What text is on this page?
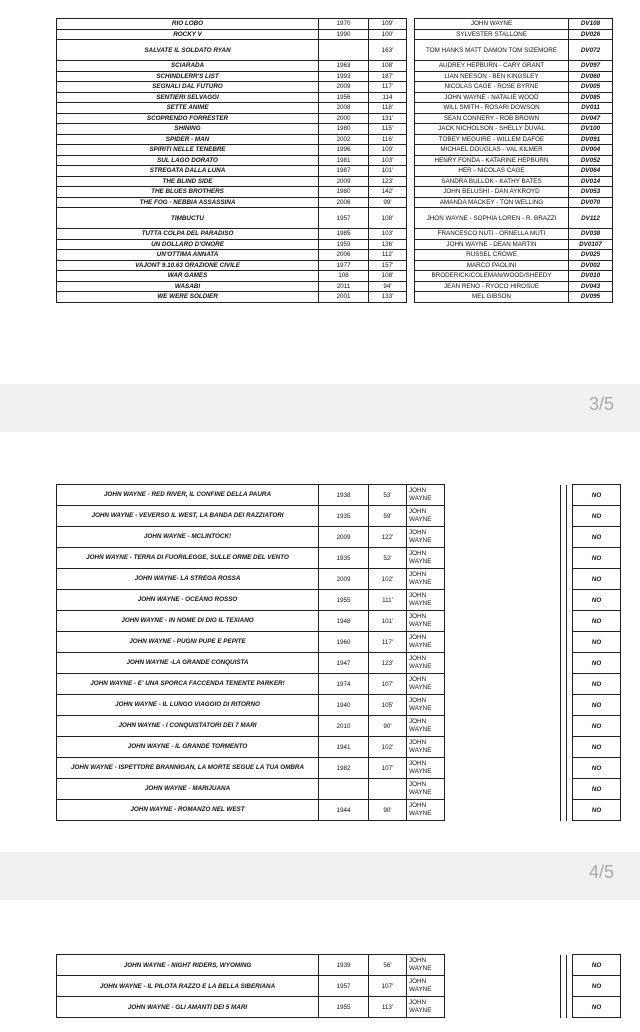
3/5
4/5
RIO LOBO	1970	109'		JOHN WAYNE	DV108
ROCKY V	1990	100'		SYLVESTER STALLONE	DV026
SALVATE IL SOLDATO RYAN		163'		TOM HANKS MATT DAMON TOM SIZEMORE	DV072
SCIARADA	1963	108'		AUDREY HEPBURN - CARY GRANT	DV097
SCHINDLERR'S LIST	1993	187'		LIAN NEESON - BEN KINGSLEY	DV060
SEGNALI DAL FUTURO	2009	117'		NICOLAS CAGE - ROSE BYRNE	DV005
SENTIERI SELVAGGI	1956	114		JOHN WAYNE - NATALIE WOOD	DV085
SETTE ANIME	2008	118'		WILL SMITH - ROSARI DOWSON	DV011
SCOPRENDO FORRESTER	2000	131'		SEAN CONNERY - ROB BROWN	DV047
SHINING	1980	115'		JACK NICHOLSON - SHELLY DUVAL	DV100
SPIDER - MAN	2002	116'		TOBEY MEGUIRE - WILLEM DAFOE	DV091
SPIRITI NELLE TENEBRE	1996	109'		MICHAEL DOUGLAS - VAL KILMER	DV004
SUL LAGO DORATO	1981	103'		HENRY FONDA - KATARINE HEPBURN	DV052
STREGATA DALLA LUNA	1987	101'		HER - NICOLAS CAGE	DV064
THE BLIND SIDE	2009	123'		SANDRA BULLOK - KATHY BATES	DV014
THE BLUES BROTHERS	1980	142'		JOHN BELUSHI - DAN AYKROYD	DV053
THE FOG - NEBBIA ASSASSINA	2006	99'		AMANDA MACKEY - TON WELLING	DV070
TIMBUCTU	1957	108'		JHON WAYNE - SOPHIA LOREN - R. BRAZZI	DV112
TUTTA COLPA DEL PARADISO	1985	103'		FRANCESCO NUTI - ORNELLA MUTI	DV038
UN DOLLARO D'ONORE	1959	136'		JOHN WAYNE - DEAN MARTIN	DV0107
UN'OTTIMA ANNATA	2006	112'		RUSSEL CROWE	DV025
VAJONT 9.10.63 ORAZIONE CIVILE	1977	157'		MARCO PAOLINI	DV002
WAR GAMES	108	108'		BRODERICK/COLEMAN/WOOD/SHEEDY	DV010
WASABI	2011	94'		JEAN RENO - RYOCO HIROSUE	DV043
WE WERE SOLDIER	2001	133'		MEL GIBSON	DV095
JOHN WAYNE - RED RIVER, IL CONFINE DELLA PAURA	1938	53'	JOHN WAYNE				NO
JOHN WAYNE - VEVERSO IL WEST, LA BANDA DEI RAZZIATORI	1935	59'	JOHN WAYNE				NO
JOHN WAYNE - MCLINTOCK!	2009	122'	JOHN WAYNE				NO
JOHN WAYNE - TERRA DI FUORILEGGE, SULLE ORME DEL VENTO	1935	52'	JOHN WAYNE				NO
JOHN WAYNE- LA STREGA ROSSA	2009	102'	JOHN WAYNE				NO
JOHN WAYNE - OCEANO ROSSO	1955	111'	JOHN WAYNE				NO
JOHN WAYNE - IN NOME DI DIO IL TEXIANO	1948	101'	JOHN WAYNE				NO
JOHN WAYNE - PUGNI PUPE E PEPITE	1960	117'	JOHN WAYNE				NO
JOHN WAYNE -LA GRANDE CONQUISTA	1947	123'	JOHN WAYNE				NO
JOHN WAYNE - E' UNA SPORCA FACCENDA TENENTE PARKER!	1974	107'	JOHN WAYNE				NO
JOHN WAYNE - IL LUNGO VIAGGIO DI RITORNO	1940	105'	JOHN WAYNE				NO
JOHN WAYNE - I CONQUISTATORI DEI 7 MARI	2010	90'	JOHN WAYNE				NO
JOHN WAYNE - IL GRANDE TORMENTO	1941	102'	JOHN WAYNE				NO
JOHN WAYNE - ISPETTORE BRANNIGAN, LA MORTE SEGUE LA TUA OMBRA	1982	107'	JOHN WAYNE				NO
JOHN WAYNE - MARIJUANA			JOHN WAYNE				NO
JOHN WAYNE - ROMANZO NEL WEST	1944	90'	JOHN WAYNE				NO
JOHN WAYNE - NIGHT RIDERS, WYOMING	1939	56'	JOHN WAYNE				NO
JOHN WAYNE - IL PILOTA RAZZO E LA BELLA SIBERIANA	1957	107'	JOHN WAYNE				NO
JOHN WAYNE - GLI AMANTI DEI 5 MARI	1955	113'	JOHN WAYNE				NO
